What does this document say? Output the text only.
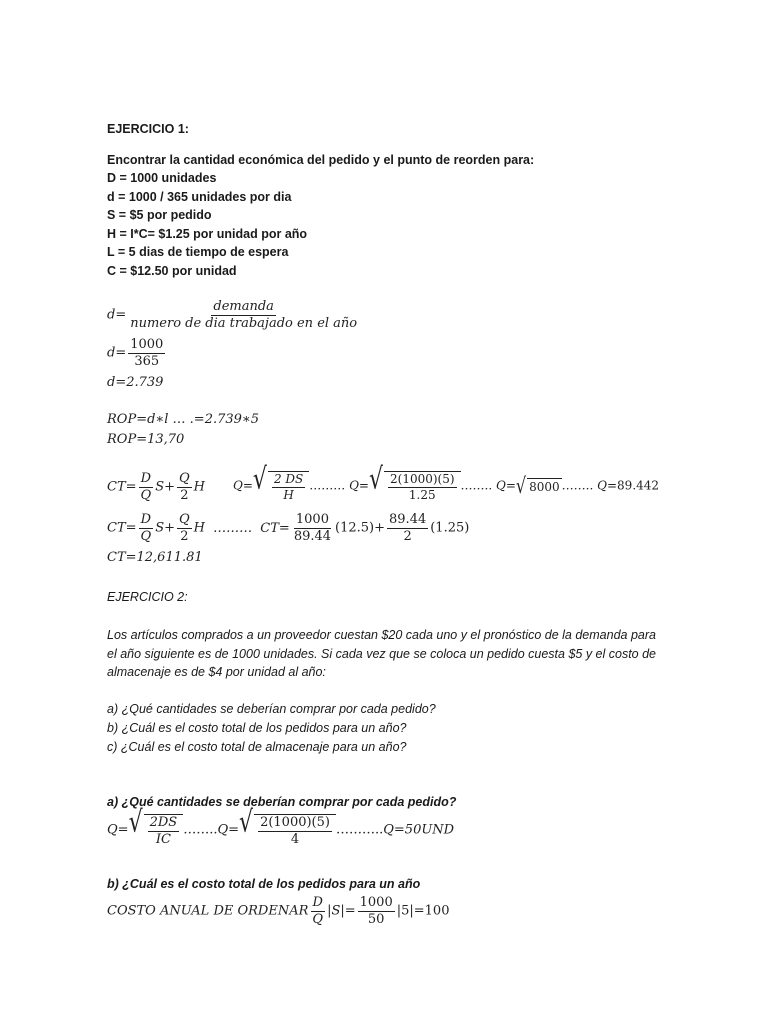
EJERCICIO 1:
Encontrar la cantidad económica del pedido y el punto de reorden para:
D = 1000 unidades
d = 1000 / 365 unidades por dia
S = $5 por pedido
H = I*C= $1.25 por unidad por año
L = 5 dias de tiempo de espera
C = $12.50 por unidad
$d= \frac{\text{demanda}}{\text{numero de dia trabajado en el año}}$
$d= \frac{1000}{365}$
d=2.739
ROP=d∗l … .=2.739∗5
ROP=13,70
$CT= \frac{D}{Q} S+ \frac{Q}{2}$ H Q= √ $\frac{2 DS}{H}$ ……… Q= √ $\frac{2(1000)(5)}{1.25}$ …….. Q= √ 8000 …….. Q=89.442
$CT= \frac{D}{Q} S+ \frac{Q}{2}$ H ……… $CT= \frac{1000}{89.44} (12.5)+ \frac{89.44}{2} (1.25)$
CT=12,611.81
EJERCICIO 2:
Los artículos comprados a un proveedor cuestan $20 cada uno y el pronóstico de la demanda para
el año siguiente es de 1000 unidades. Si cada vez que se coloca un pedido cuesta $5 y el costo de
almacenaje es de $4 por unidad al año:
a) ¿Qué cantidades se deberían comprar por cada pedido?
b) ¿Cuál es el costo total de los pedidos para un año?
c) ¿Cuál es el costo total de almacenaje para un año?
a) ¿Qué cantidades se deberían comprar por cada pedido?
Q= √ $\frac{2DS}{IC}$ ……..Q= √ $\frac{2(1000)(5)}{4}$ ………..Q=50UND
b) ¿Cuál es el costo total de los pedidos para un año
COSTO ANUAL DE ORDENAR $\frac{D}{Q} |S|= \frac{1000}{50} |5|=100$
